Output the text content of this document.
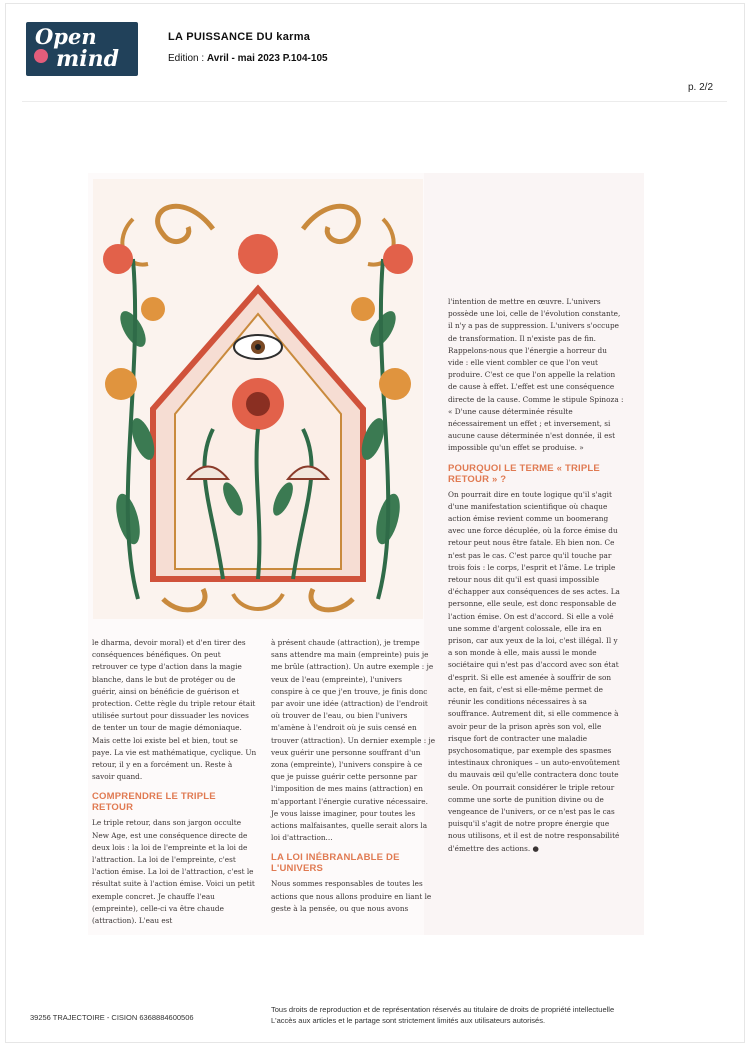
Open
mind
LA PUISSANCE DU karma
Edition : Avril - mai 2023 P.104-105
p. 2/2

le dharma, devoir moral) et d'en tirer des conséquences bénéfiques. On peut retrouver ce type d'action dans la magie blanche, dans le but de protéger ou de guérir, ainsi on bénéficie de guérison et protection. Cette règle du triple retour était utilisée surtout pour dissuader les novices de tenter un tour de magie démoniaque. Mais cette loi existe bel et bien, tout se paye. La vie est mathématique, cyclique. Un retour, il y en a forcément un. Reste à savoir quand.

COMPRENDRE LE TRIPLE RETOUR

Le triple retour, dans son jargon occulte New Age, est une conséquence directe de deux lois : la loi de l'empreinte et la loi de l'attraction. La loi de l'empreinte, c'est l'action émise. La loi de l'attraction, c'est le résultat suite à l'action émise. Voici un petit exemple concret. Je chauffe l'eau (empreinte), celle-ci va être chaude (attraction). L'eau est

à présent chaude (attraction), je trempe sans attendre ma main (empreinte) puis je me brûle (attraction). Un autre exemple : je veux de l'eau (empreinte), l'univers conspire à ce que j'en trouve, je finis donc par avoir une idée (attraction) de l'endroit où trouver de l'eau, ou bien l'univers m'amène à l'endroit où je suis censé en trouver (attraction). Un dernier exemple : je veux guérir une personne souffrant d'un zona (empreinte), l'univers conspire à ce que je puisse guérir cette personne par l'imposition de mes mains (attraction) en m'apportant l'énergie curative nécessaire. Je vous laisse imaginer, pour toutes les actions malfaisantes, quelle serait alors la loi d'attraction...

LA LOI INÉBRANLABLE DE L'UNIVERS

Nous sommes responsables de toutes les actions que nous allons produire en liant le geste à la pensée, ou que nous avons

l'intention de mettre en œuvre. L'univers possède une loi, celle de l'évolution constante, il n'y a pas de suppression. L'univers s'occupe de transformation. Il n'existe pas de fin. Rappelons-nous que l'énergie a horreur du vide : elle vient combler ce que l'on veut produire. C'est ce que l'on appelle la relation de cause à effet. L'effet est une conséquence directe de la cause. Comme le stipule Spinoza : « D'une cause déterminée résulte nécessairement un effet ; et inversement, si aucune cause déterminée n'est donnée, il est impossible qu'un effet se produise. »

POURQUOI LE TERME « TRIPLE RETOUR » ?

On pourrait dire en toute logique qu'il s'agit d'une manifestation scientifique où chaque action émise revient comme un boomerang avec une force décuplée, où la force émise du retour peut nous être fatale. Eh bien non. Ce n'est pas le cas. C'est parce qu'il touche par trois fois : le corps, l'esprit et l'âme. Le triple retour nous dit qu'il est quasi impossible d'échapper aux conséquences de ses actes. La personne, elle seule, est donc responsable de l'action émise. On est d'accord. Si elle a volé une somme d'argent colossale, elle ira en prison, car aux yeux de la loi, c'est illégal. Il y a son monde à elle, mais aussi le monde sociétaire qui n'est pas d'accord avec son état d'esprit. Si elle est amenée à souffrir de son acte, en fait, c'est si elle-même permet de réunir les conditions nécessaires à sa souffrance. Autrement dit, si elle commence à avoir peur de la prison après son vol, elle risque fort de contracter une maladie psychosomatique, par exemple des spasmes intestinaux chroniques – un auto-envoûtement du mauvais œil qu'elle contractera donc toute seule. On pourrait considérer le triple retour comme une sorte de punition divine ou de vengeance de l'univers, or ce n'est pas le cas puisqu'il s'agit de notre propre énergie que nous utilisons, et il est de notre responsabilité d'émettre des actions. ●

39256 TRAJECTOIRE - CISION 6368884600506
Tous droits de reproduction et de représentation réservés au titulaire de droits de propriété intellectuelle
L'accès aux articles et le partage sont strictement limités aux utilisateurs autorisés.
